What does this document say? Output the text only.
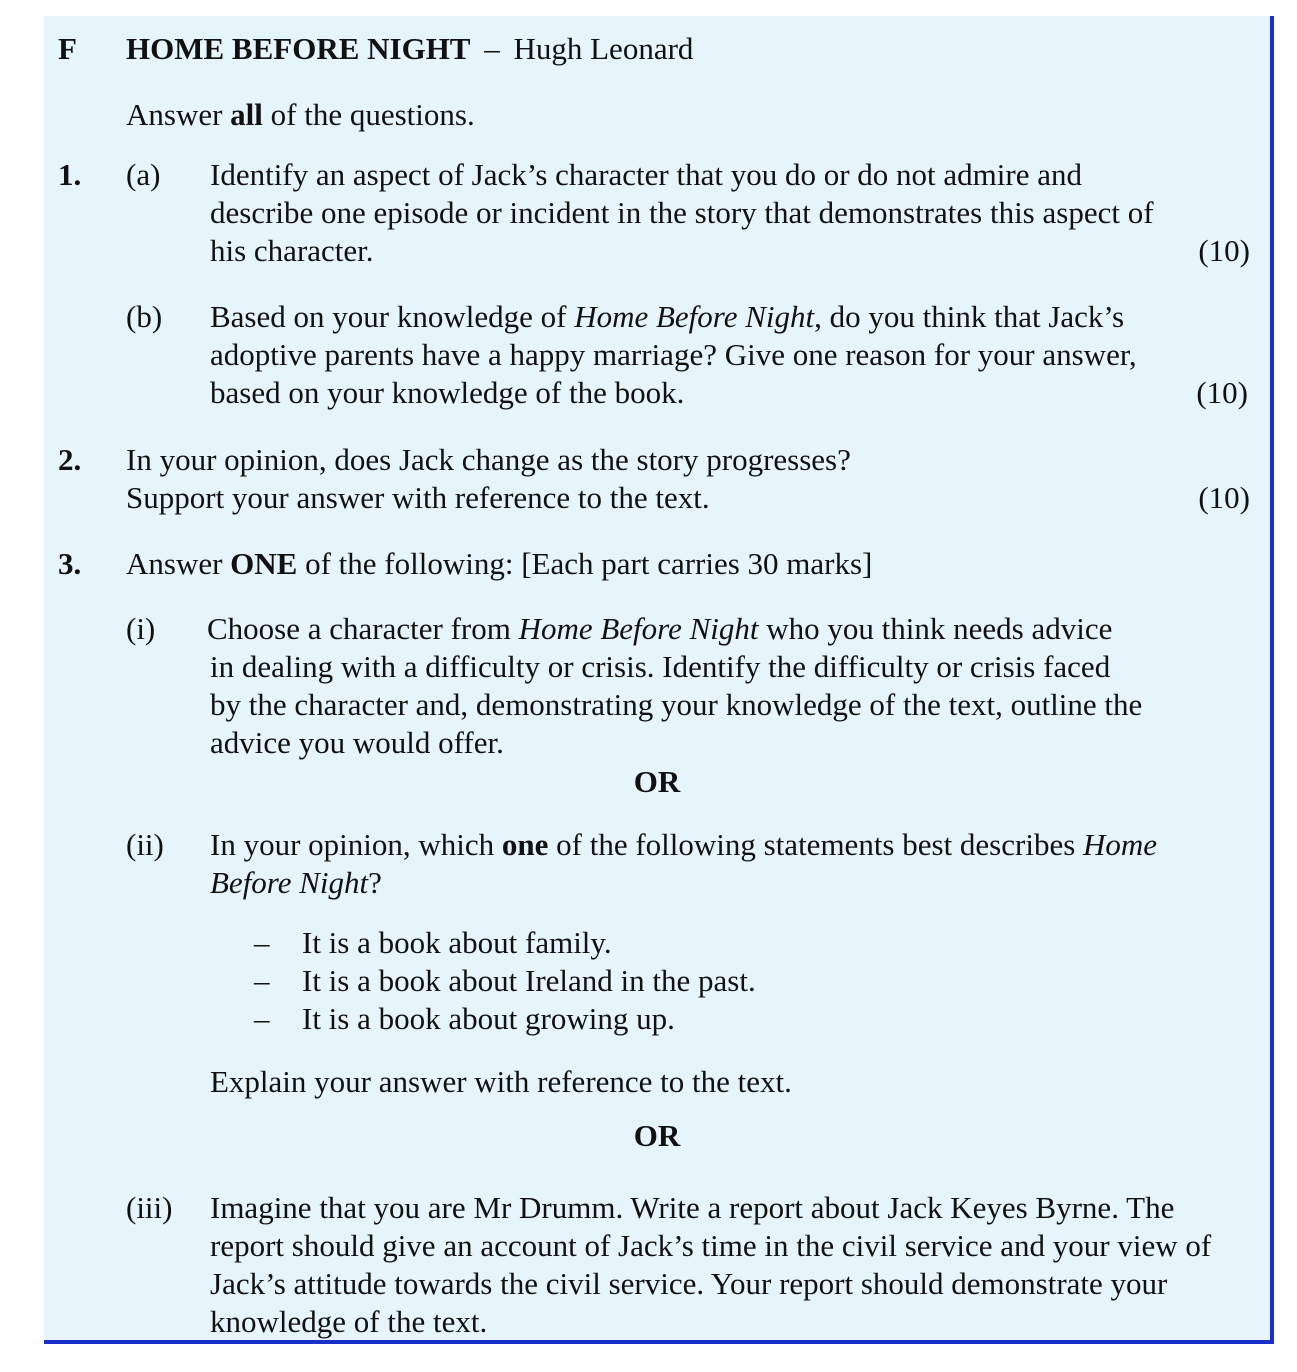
F HOME BEFORE NIGHT – Hugh Leonard
Answer all of the questions.
1. (a) Identify an aspect of Jack’s character that you do or do not admire and
describe one episode or incident in the story that demonstrates this aspect of
his character.	(10)
(b) Based on your knowledge of Home Before Night, do you think that Jack’s
adoptive parents have a happy marriage? Give one reason for your answer,
based on your knowledge of the book.	(10)
2. In your opinion, does Jack change as the story progresses?
Support your answer with reference to the text.	(10)
3. Answer ONE of the following: [Each part carries 30 marks]
(i) Choose a character from Home Before Night who you think needs advice
in dealing with a difficulty or crisis. Identify the difficulty or crisis faced
by the character and, demonstrating your knowledge of the text, outline the
advice you would offer.
OR
(ii) In your opinion, which one of the following statements best describes Home
Before Night?
– It is a book about family.
– It is a book about Ireland in the past.
– It is a book about growing up.
Explain your answer with reference to the text.
OR
(iii) Imagine that you are Mr Drumm. Write a report about Jack Keyes Byrne. The
report should give an account of Jack’s time in the civil service and your view of
Jack’s attitude towards the civil service. Your report should demonstrate your
knowledge of the text.
